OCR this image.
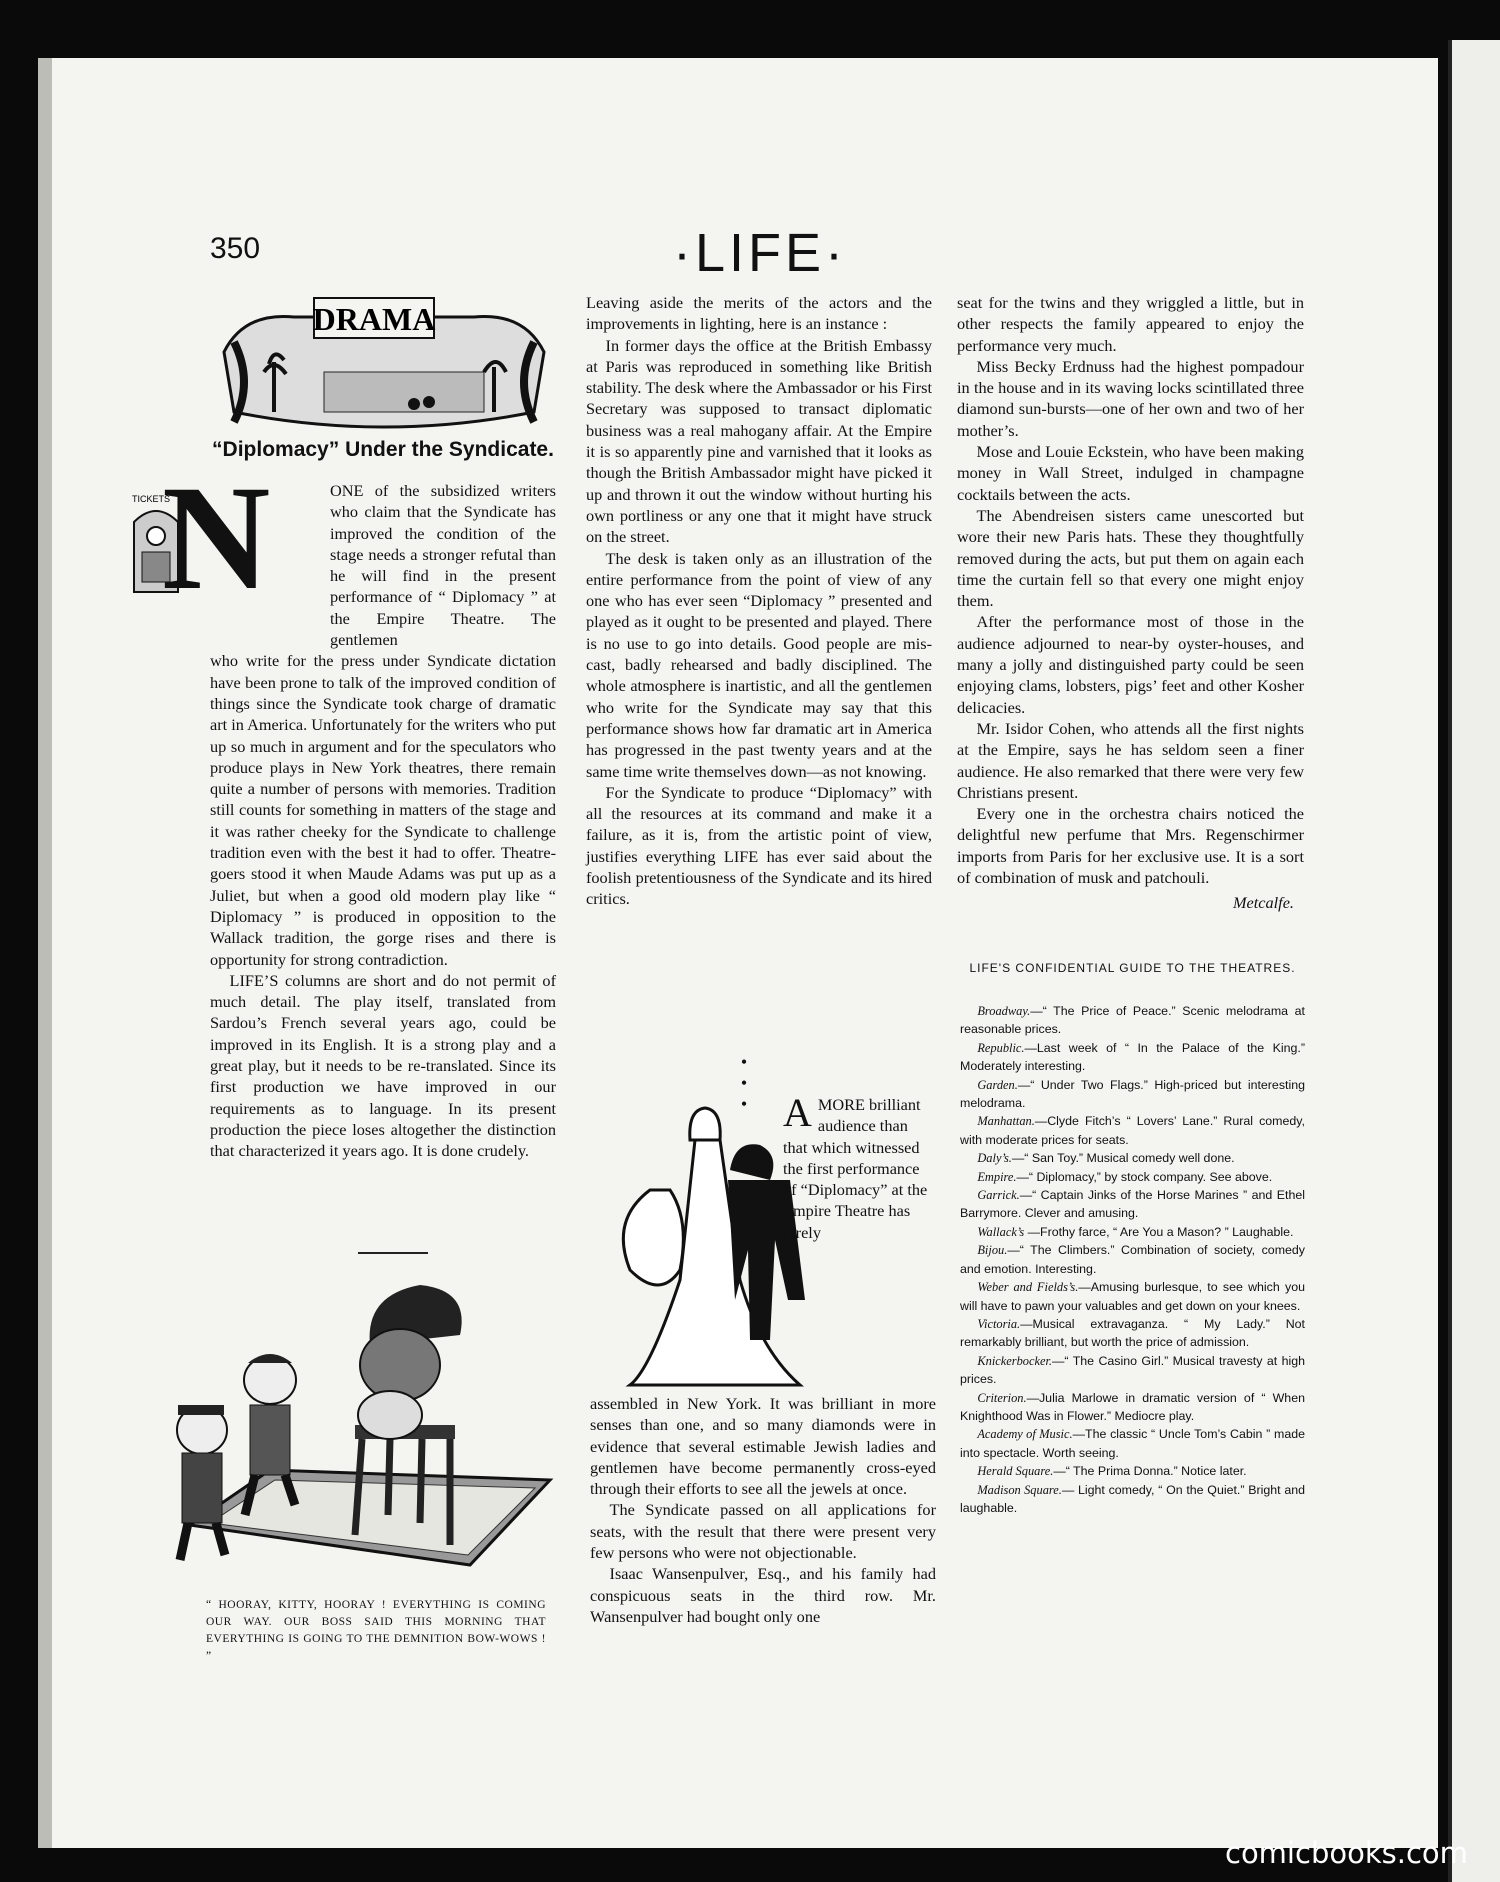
350	·LIFE·
DRAMA
“Diplomacy” Under the Syndicate.
TICKETS
N	ONE of the subsidized writers who claim that the Syndicate has improved the condition of the stage needs a stronger refutal than he will find in the present performance of “ Diplomacy ” at the Empire Theatre. The gentlemen

who write for the press under Syndicate dictation have been prone to talk of the improved condition of things since the Syndicate took charge of dramatic art in America. Unfortunately for the writers who put up so much in argument and for the speculators who produce plays in New York theatres, there remain quite a number of persons with memories. Tradition still counts for something in matters of the stage and it was rather cheeky for the Syndicate to challenge tradition even with the best it had to offer. Theatre-goers stood it when Maude Adams was put up as a Juliet, but when a good old modern play like “ Diplomacy ” is produced in opposition to the Wallack tradition, the gorge rises and there is opportunity for strong contradiction.

LIFE’S columns are short and do not permit of much detail. The play itself, translated from Sardou’s French several years ago, could be improved in its English. It is a strong play and a great play, but it needs to be re-translated. Since its first production we have improved in our requirements as to language. In its present production the piece loses altogether the distinction that characterized it years ago. It is done crudely.

“ HOORAY, KITTY, HOORAY ! EVERYTHING IS COMING OUR WAY. OUR BOSS SAID THIS MORNING THAT EVERYTHING IS GOING TO THE DEMNITION BOW-WOWS ! ”

Leaving aside the merits of the actors and the improvements in lighting, here is an instance :

In former days the office at the British Embassy at Paris was reproduced in something like British stability. The desk where the Ambassador or his First Secretary was supposed to transact diplomatic business was a real mahogany affair. At the Empire it is so apparently pine and varnished that it looks as though the British Ambassador might have picked it up and thrown it out the window without hurting his own portliness or any one that it might have struck on the street.

The desk is taken only as an illustration of the entire performance from the point of view of any one who has ever seen “Diplomacy ” presented and played as it ought to be presented and played. There is no use to go into details. Good people are mis-cast, badly rehearsed and badly disciplined. The whole atmosphere is inartistic, and all the gentlemen who write for the Syndicate may say that this performance shows how far dramatic art in America has progressed in the past twenty years and at the same time write themselves down—as not knowing.

For the Syndicate to produce “Diplomacy” with all the resources at its command and make it a failure, as it is, from the artistic point of view, justifies everything LIFE has ever said about the foolish pretentiousness of the Syndicate and its hired critics.

• • •
A MORE brilliant audience than that which witnessed the first performance of “Diplomacy” at the Empire Theatre has rarely

assembled in New York. It was brilliant in more senses than one, and so many diamonds were in evidence that several estimable Jewish ladies and gentlemen have become permanently cross-eyed through their efforts to see all the jewels at once.

The Syndicate passed on all applications for seats, with the result that there were present very few persons who were not objectionable.

Isaac Wansenpulver, Esq., and his family had conspicuous seats in the third row. Mr. Wansenpulver had bought only one

seat for the twins and they wriggled a little, but in other respects the family appeared to enjoy the performance very much.

Miss Becky Erdnuss had the highest pompadour in the house and in its waving locks scintillated three diamond sun-bursts—one of her own and two of her mother’s.

Mose and Louie Eckstein, who have been making money in Wall Street, indulged in champagne cocktails between the acts.

The Abendreisen sisters came unescorted but wore their new Paris hats. These they thoughtfully removed during the acts, but put them on again each time the curtain fell so that every one might enjoy them.

After the performance most of those in the audience adjourned to near-by oyster-houses, and many a jolly and distinguished party could be seen enjoying clams, lobsters, pigs’ feet and other Kosher delicacies.

Mr. Isidor Cohen, who attends all the first nights at the Empire, says he has seldom seen a finer audience. He also remarked that there were very few Christians present.

Every one in the orchestra chairs noticed the delightful new perfume that Mrs. Regenschirmer imports from Paris for her exclusive use. It is a sort of combination of musk and patchouli.

Metcalfe.
LIFE'S CONFIDENTIAL GUIDE TO THE THEATRES.

Broadway.—“ The Price of Peace.” Scenic melodrama at reasonable prices.

Republic.—Last week of “ In the Palace of the King.” Moderately interesting.

Garden.—“ Under Two Flags.” High-priced but interesting melodrama.

Manhattan.—Clyde Fitch’s “ Lovers’ Lane.” Rural comedy, with moderate prices for seats.

Daly’s.—“ San Toy.” Musical comedy well done.

Empire.—“ Diplomacy,” by stock company. See above.

Garrick.—“ Captain Jinks of the Horse Marines ” and Ethel Barrymore. Clever and amusing.

Wallack’s —Frothy farce, “ Are You a Mason? ” Laughable.

Bijou.—“ The Climbers.” Combination of society, comedy and emotion. Interesting.

Weber and Fields’s.—Amusing burlesque, to see which you will have to pawn your valuables and get down on your knees.

Victoria.—Musical extravaganza. “ My Lady.” Not remarkably brilliant, but worth the price of admission.

Knickerbocker.—“ The Casino Girl.” Musical travesty at high prices.

Criterion.—Julia Marlowe in dramatic version of “ When Knighthood Was in Flower.” Mediocre play.

Academy of Music.—The classic “ Uncle Tom’s Cabin ” made into spectacle. Worth seeing.

Herald Square.—“ The Prima Donna.” Notice later.

Madison Square.— Light comedy, “ On the Quiet.” Bright and laughable.

comicbooks.com
